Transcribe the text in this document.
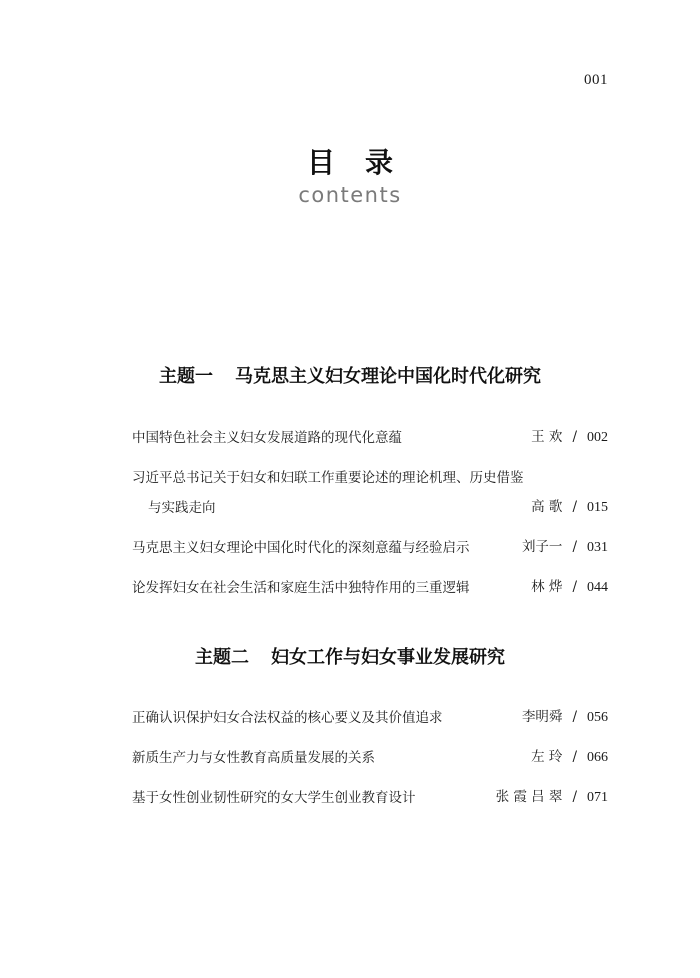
001
目录
contents
主题一 马克思主义妇女理论中国化时代化研究
中国特色社会主义妇女发展道路的现代化意蕴	王 欢 / 002
习近平总书记关于妇女和妇联工作重要论述的理论机理、历史借鉴
与实践走向	高 歌 / 015
马克思主义妇女理论中国化时代化的深刻意蕴与经验启示	刘子一 / 031
论发挥妇女在社会生活和家庭生活中独特作用的三重逻辑	林 烨 / 044
主题二 妇女工作与妇女事业发展研究
正确认识保护妇女合法权益的核心要义及其价值追求	李明舜 / 056
新质生产力与女性教育高质量发展的关系	左 玲 / 066
基于女性创业韧性研究的女大学生创业教育设计	张 霞 吕 翠 / 071
